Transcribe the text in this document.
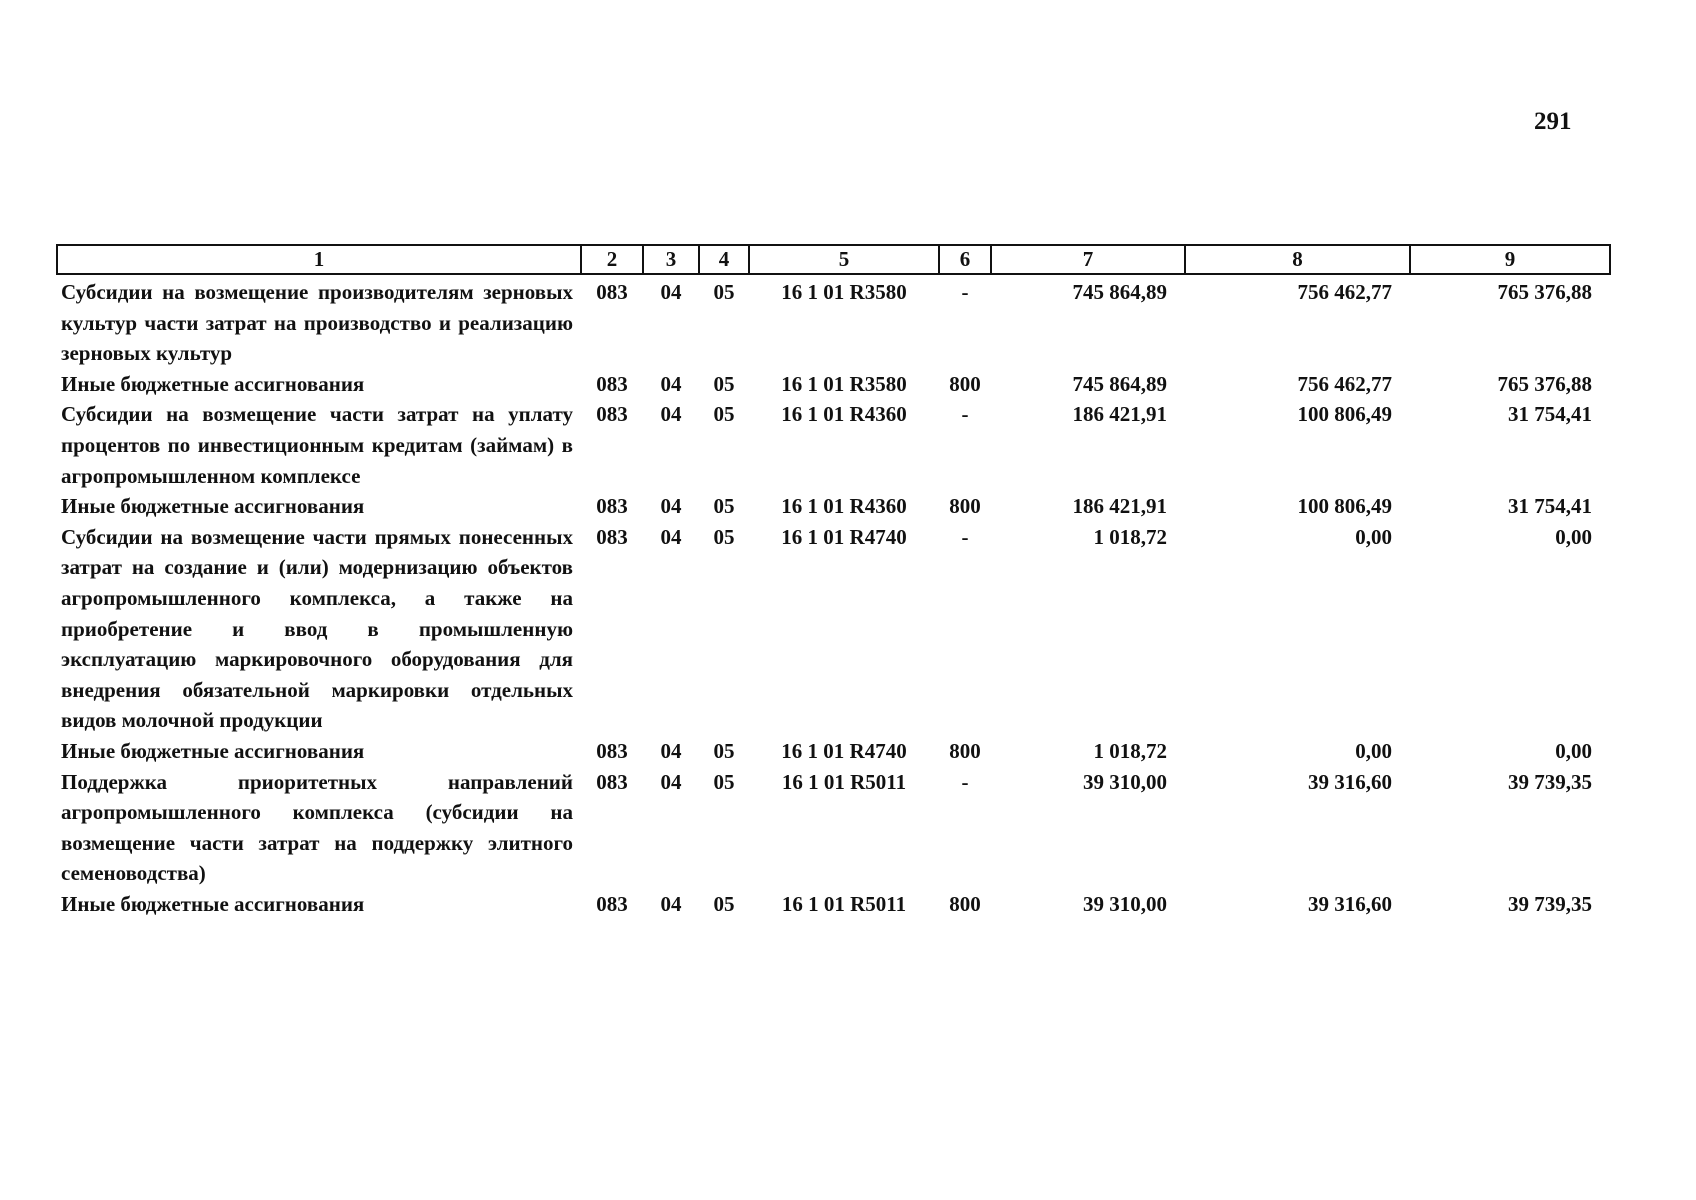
291
1	2	3	4	5	6	7	8	9
Субсидии на возмещение производителям зерновых культур части затрат на производство и реализацию зерновых культур	083	04	05	16 1 01 R3580	-	745 864,89	756 462,77	765 376,88
Иные бюджетные ассигнования	083	04	05	16 1 01 R3580	800	745 864,89	756 462,77	765 376,88
Субсидии на возмещение части затрат на уплату процентов по инвестиционным кредитам (займам) в агропромышленном комплексе	083	04	05	16 1 01 R4360	-	186 421,91	100 806,49	31 754,41
Иные бюджетные ассигнования	083	04	05	16 1 01 R4360	800	186 421,91	100 806,49	31 754,41
Субсидии на возмещение части прямых понесенных затрат на создание и (или) модернизацию объектов агропромышленного комплекса, а также на приобретение и ввод в промышленную эксплуатацию маркировочного оборудования для внедрения обязательной маркировки отдельных видов молочной продукции	083	04	05	16 1 01 R4740	-	1 018,72	0,00	0,00
Иные бюджетные ассигнования	083	04	05	16 1 01 R4740	800	1 018,72	0,00	0,00
Поддержка приоритетных направлений агропромышленного комплекса (субсидии на возмещение части затрат на поддержку элитного семеноводства)	083	04	05	16 1 01 R5011	-	39 310,00	39 316,60	39 739,35
Иные бюджетные ассигнования	083	04	05	16 1 01 R5011	800	39 310,00	39 316,60	39 739,35
